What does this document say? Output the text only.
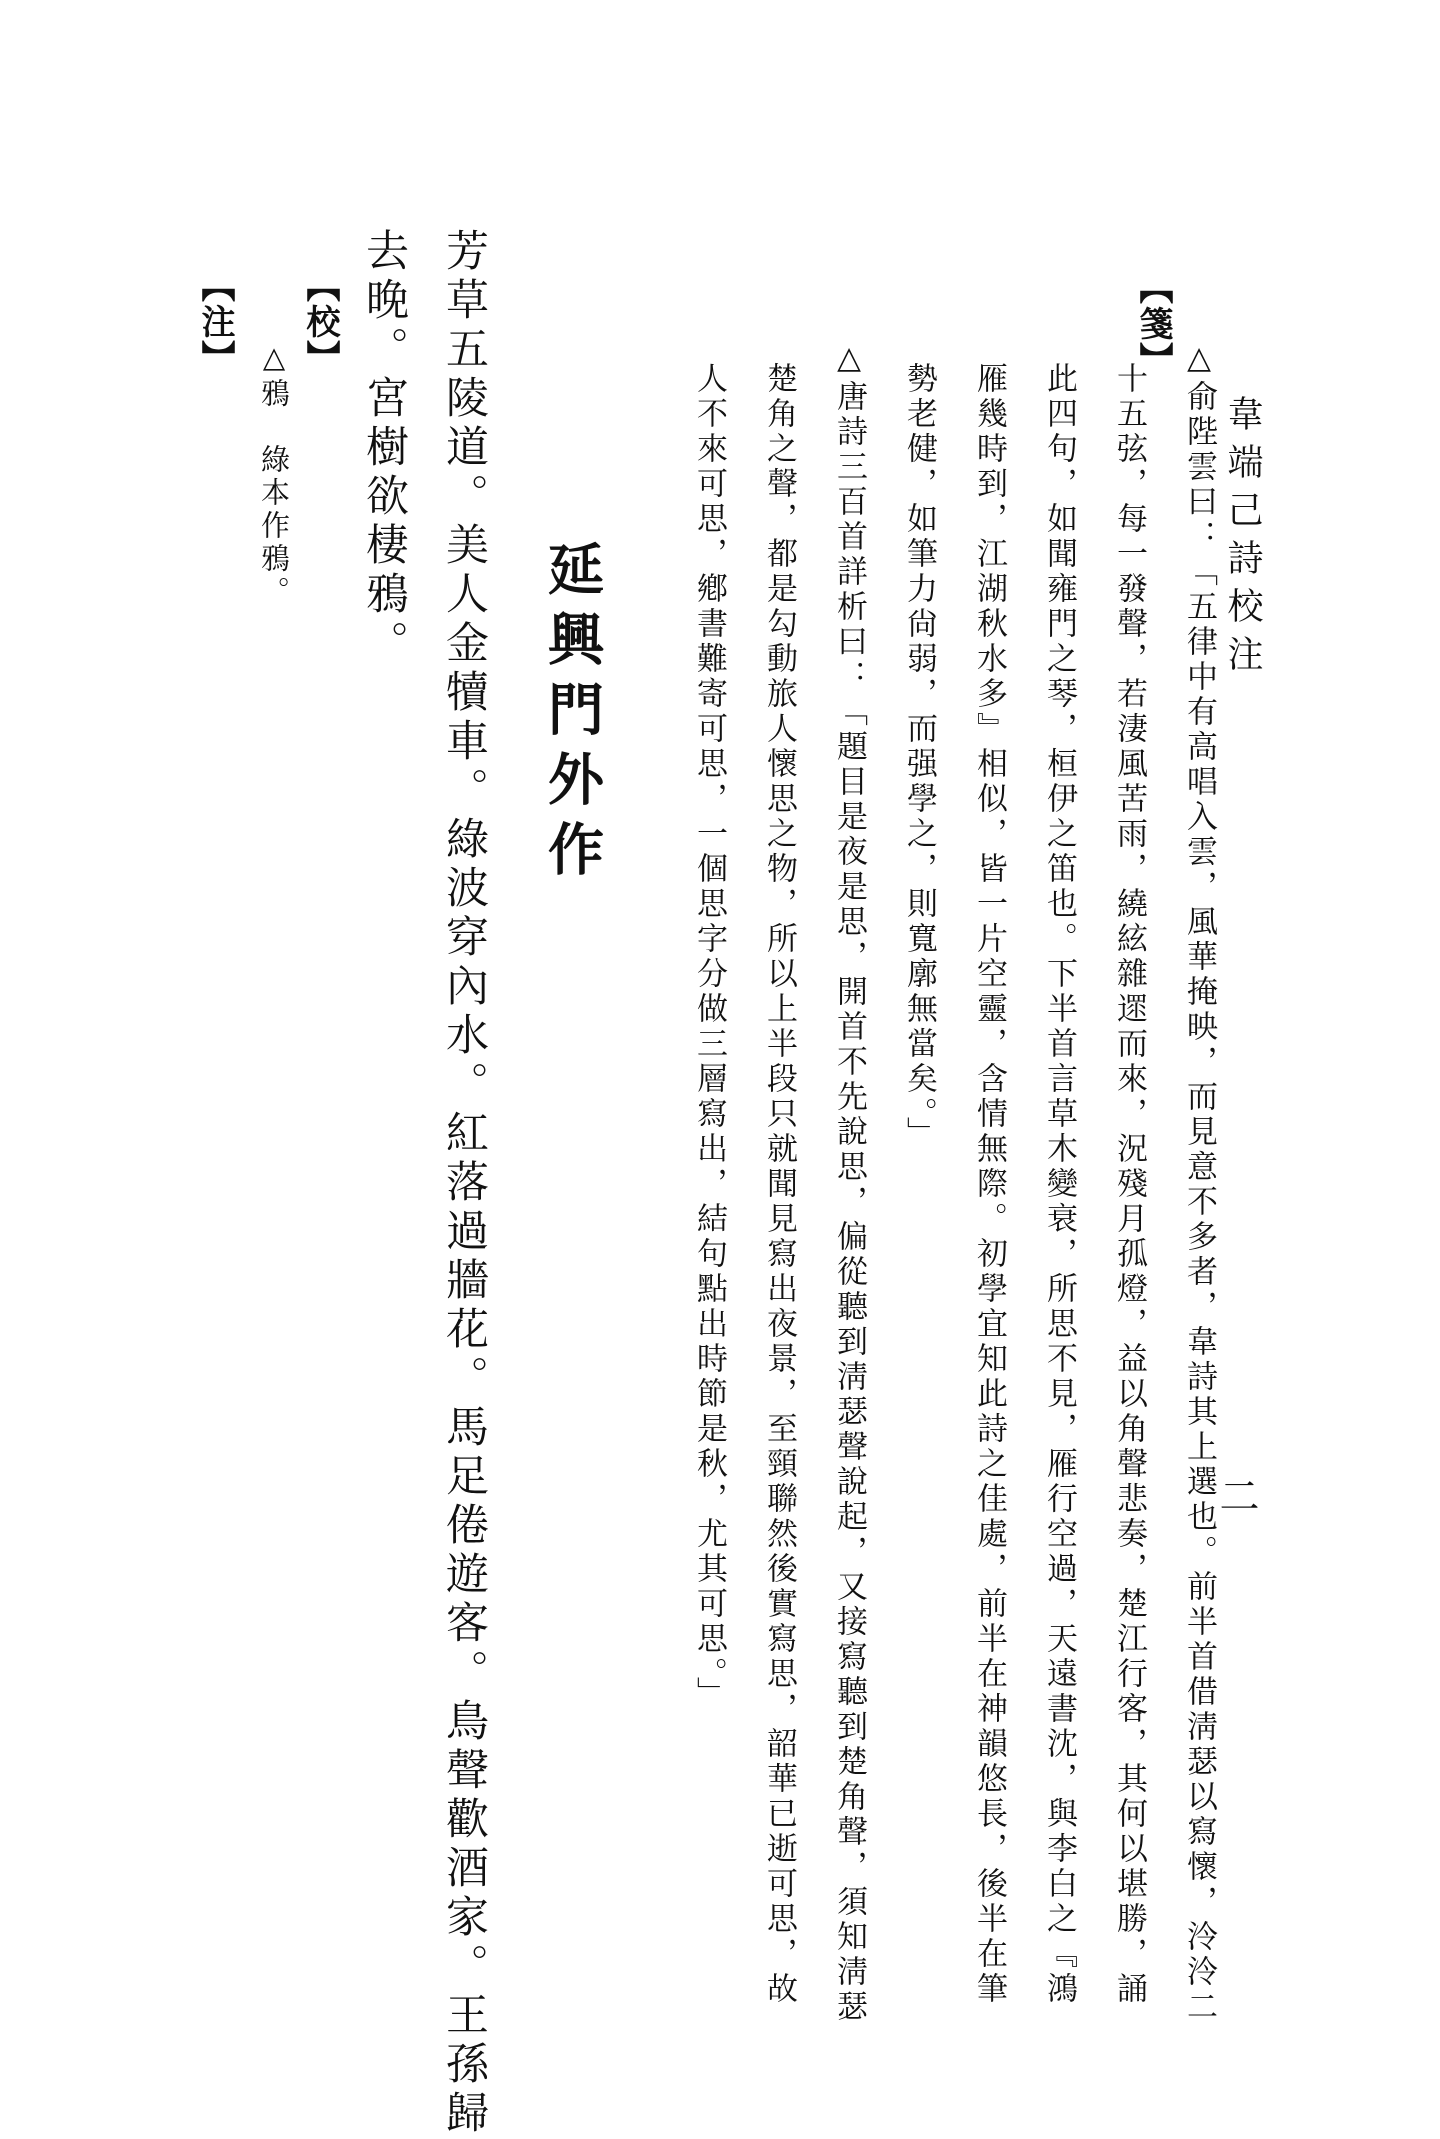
韋端己詩校注
二
【箋】
△俞陛雲曰：「五律中有高唱入雲，風華掩映，而見意不多者，韋詩其上選也。前半首借淸瑟以寫懷，泠泠二
十五弦，每一發聲，若淒風苦雨，繞絃雜遝而來，況殘月孤燈，益以角聲悲奏，楚江行客，其何以堪勝，誦
此四句，如聞雍門之琴，桓伊之笛也。下半首言草木變衰，所思不見，雁行空過，天遠書沈，與李白之『鴻
雁幾時到，江湖秋水多』相似，皆一片空靈，含情無際。初學宜知此詩之佳處，前半在神韻悠長，後半在筆
勢老健，如筆力尙弱，而强學之，則寬廓無當矣。」
△唐詩三百首詳析曰：「題目是夜是思，開首不先說思，偏從聽到淸瑟聲說起，又接寫聽到楚角聲，須知淸瑟
楚角之聲，都是勾動旅人懷思之物，所以上半段只就聞見寫出夜景，至頸聯然後實寫思，韶華已逝可思，故
人不來可思，鄕書難寄可思，一個思字分做三層寫出，結句點出時節是秋，尤其可思。」
延興門外作
芳草五陵道。美人金犢車。綠波穿內水。紅落過牆花。馬足倦遊客。鳥聲歡酒家。王孫歸
去晚。宮樹欲棲鴉。
【校】
△鴉　綠本作鴉。
【注】
